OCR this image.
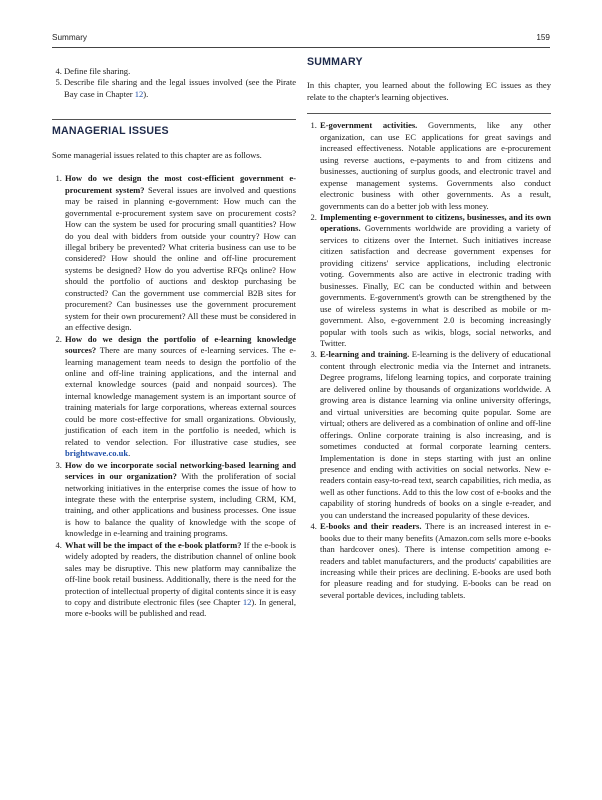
Summary	159
4. Define file sharing.
5. Describe file sharing and the legal issues involved (see the Pirate Bay case in Chapter 12).
MANAGERIAL ISSUES

Some managerial issues related to this chapter are as follows.

1. How do we design the most cost-efficient government e-procurement system? Several issues are involved and questions may be raised in planning e-government: How much can the governmental e-procurement system save on procurement costs? How can the system be used for procuring small quantities? How do you deal with bidders from outside your country? How can illegal bribery be prevented? What criteria business can use to be considered? How should the online and off-line procurement systems be designed? How do you advertise RFQs online? How should the portfolio of auctions and desktop purchasing be constructed? Can the government use commercial B2B sites for procurement? Can businesses use the government procurement system for their own procurement? All these must be considered in an effective design.
2. How do we design the portfolio of e-learning knowledge sources? There are many sources of e-learning services. The e-learning management team needs to design the portfolio of the online and off-line training applications, and the internal and external knowledge sources (paid and nonpaid sources). The internal knowledge management system is an important source of training materials for large corporations, whereas external sources could be more cost-effective for small organizations. Obviously, justification of each item in the portfolio is needed, which is related to vendor selection. For illustrative case studies, see brightwave.co.uk.
3. How do we incorporate social networking-based learning and services in our organization? With the proliferation of social networking initiatives in the enterprise comes the issue of how to integrate these with the enterprise system, including CRM, KM, training, and other applications and business processes. One issue is how to balance the quality of knowledge with the scope of knowledge in e-learning and training programs.
4. What will be the impact of the e-book platform? If the e-book is widely adopted by readers, the distribution channel of online book sales may be disruptive. This new platform may cannibalize the off-line book retail business. Additionally, there is the need for the protection of intellectual property of digital contents since it is easy to copy and distribute electronic files (see Chapter 12). In general, more e-books will be published and read.
SUMMARY

In this chapter, you learned about the following EC issues as they relate to the chapter's learning objectives.

1. E-government activities. Governments, like any other organization, can use EC applications for great savings and increased effectiveness. Notable applications are e-procurement using reverse auctions, e-payments to and from citizens and businesses, auctioning of surplus goods, and electronic travel and expense management systems. Governments also conduct electronic business with other governments. As a result, governments can do a better job with less money.
2. Implementing e-government to citizens, businesses, and its own operations. Governments worldwide are providing a variety of services to citizens over the Internet. Such initiatives increase citizen satisfaction and decrease government expenses for providing citizens' service applications, including electronic voting. Governments also are active in electronic trading with businesses. Finally, EC can be conducted within and between governments. E-government's growth can be strengthened by the use of wireless systems in what is described as mobile or m-government. Also, e-government 2.0 is becoming increasingly popular with tools such as wikis, blogs, social networks, and Twitter.
3. E-learning and training. E-learning is the delivery of educational content through electronic media via the Internet and intranets. Degree programs, lifelong learning topics, and corporate training are delivered online by thousands of organizations worldwide. A growing area is distance learning via online university offerings, and virtual universities are becoming quite popular. Some are virtual; others are delivered as a combination of online and off-line offerings. Online corporate training is also increasing, and is sometimes conducted at formal corporate learning centers. Implementation is done in steps starting with just an online presence and ending with activities on social networks. New e-readers contain easy-to-read text, search capabilities, rich media, as well as other functions. Add to this the low cost of e-books and the capability of storing hundreds of books on a single e-reader, and you can understand the increased popularity of these devices.
4. E-books and their readers. There is an increased interest in e-books due to their many benefits (Amazon.com sells more e-books than hardcover ones). There is intense competition among e-readers and tablet manufacturers, and the products' capabilities are increasing while their prices are declining. E-books are used both for pleasure reading and for studying. E-books can be read on several portable devices, including tablets.
